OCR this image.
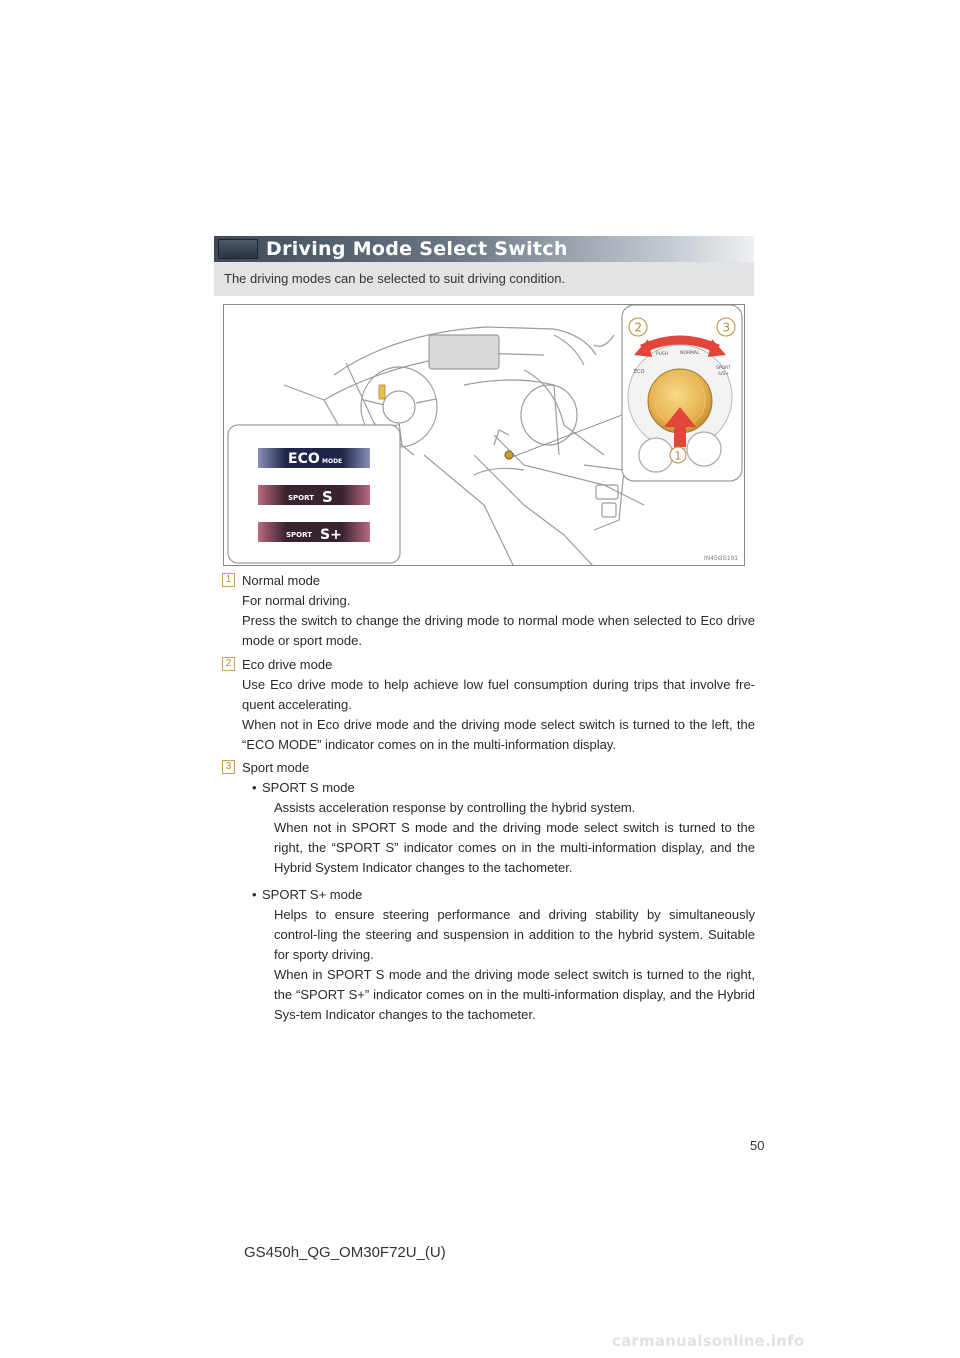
Driving Mode Select Switch
The driving modes can be selected to suit driving condition.
ECO MODE
SPORT S
SPORT S+
ECO
PUSH	NORMAL
SPORT
S/S+
2	3
1
IN45GS191
1 Normal mode

For normal driving.

Press the switch to change the driving mode to normal mode when selected to Eco drive mode or sport mode.

2 Eco drive mode

Use Eco drive mode to help achieve low fuel consumption during trips that involve fre-quent accelerating.

When not in Eco drive mode and the driving mode select switch is turned to the left, the “ECO MODE” indicator comes on in the multi-information display.

3 Sport mode
• SPORT S mode

Assists acceleration response by controlling the hybrid system.

When not in SPORT S mode and the driving mode select switch is turned to the right, the “SPORT S” indicator comes on in the multi-information display, and the Hybrid System Indicator changes to the tachometer.

• SPORT S+ mode

Helps to ensure steering performance and driving stability by simultaneously control-ling the steering and suspension in addition to the hybrid system. Suitable for sporty driving.

When in SPORT S mode and the driving mode select switch is turned to the right, the “SPORT S+” indicator comes on in the multi-information display, and the Hybrid Sys-tem Indicator changes to the tachometer.

50
GS450h_QG_OM30F72U_(U)
carmanualsonline.info
